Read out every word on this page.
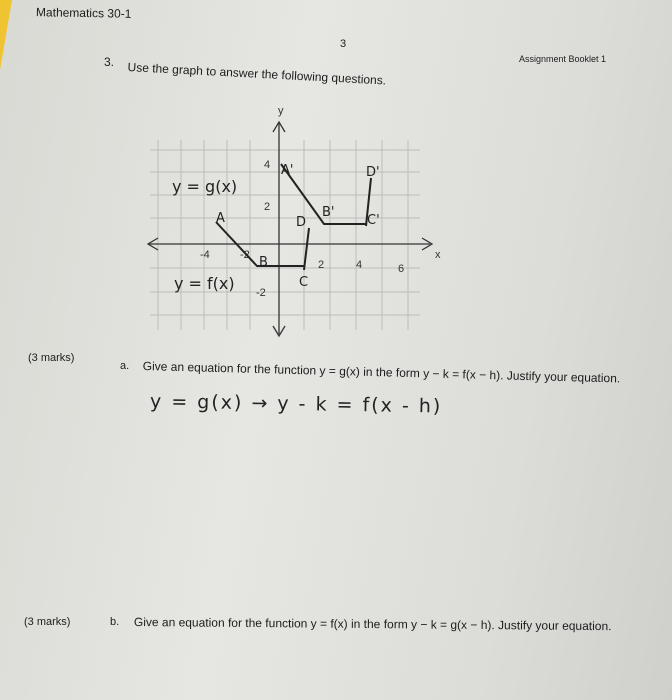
Mathematics 30-1
3
Assignment Booklet 1
3. Use the graph to answer the following questions.
x
y
-4	-2
2	4	6
4
2
-2
A
B
C
D
A'
B'
C'
D'
y = g(x)
y = f(x)
(3 marks)
a. Give an equation for the function y = g(x) in the form y − k = f(x − h). Justify your equation.
y = g(x) → y - k = f(x - h)
(3 marks)	b. Give an equation for the function y = f(x) in the form y − k = g(x − h). Justify your equation.
